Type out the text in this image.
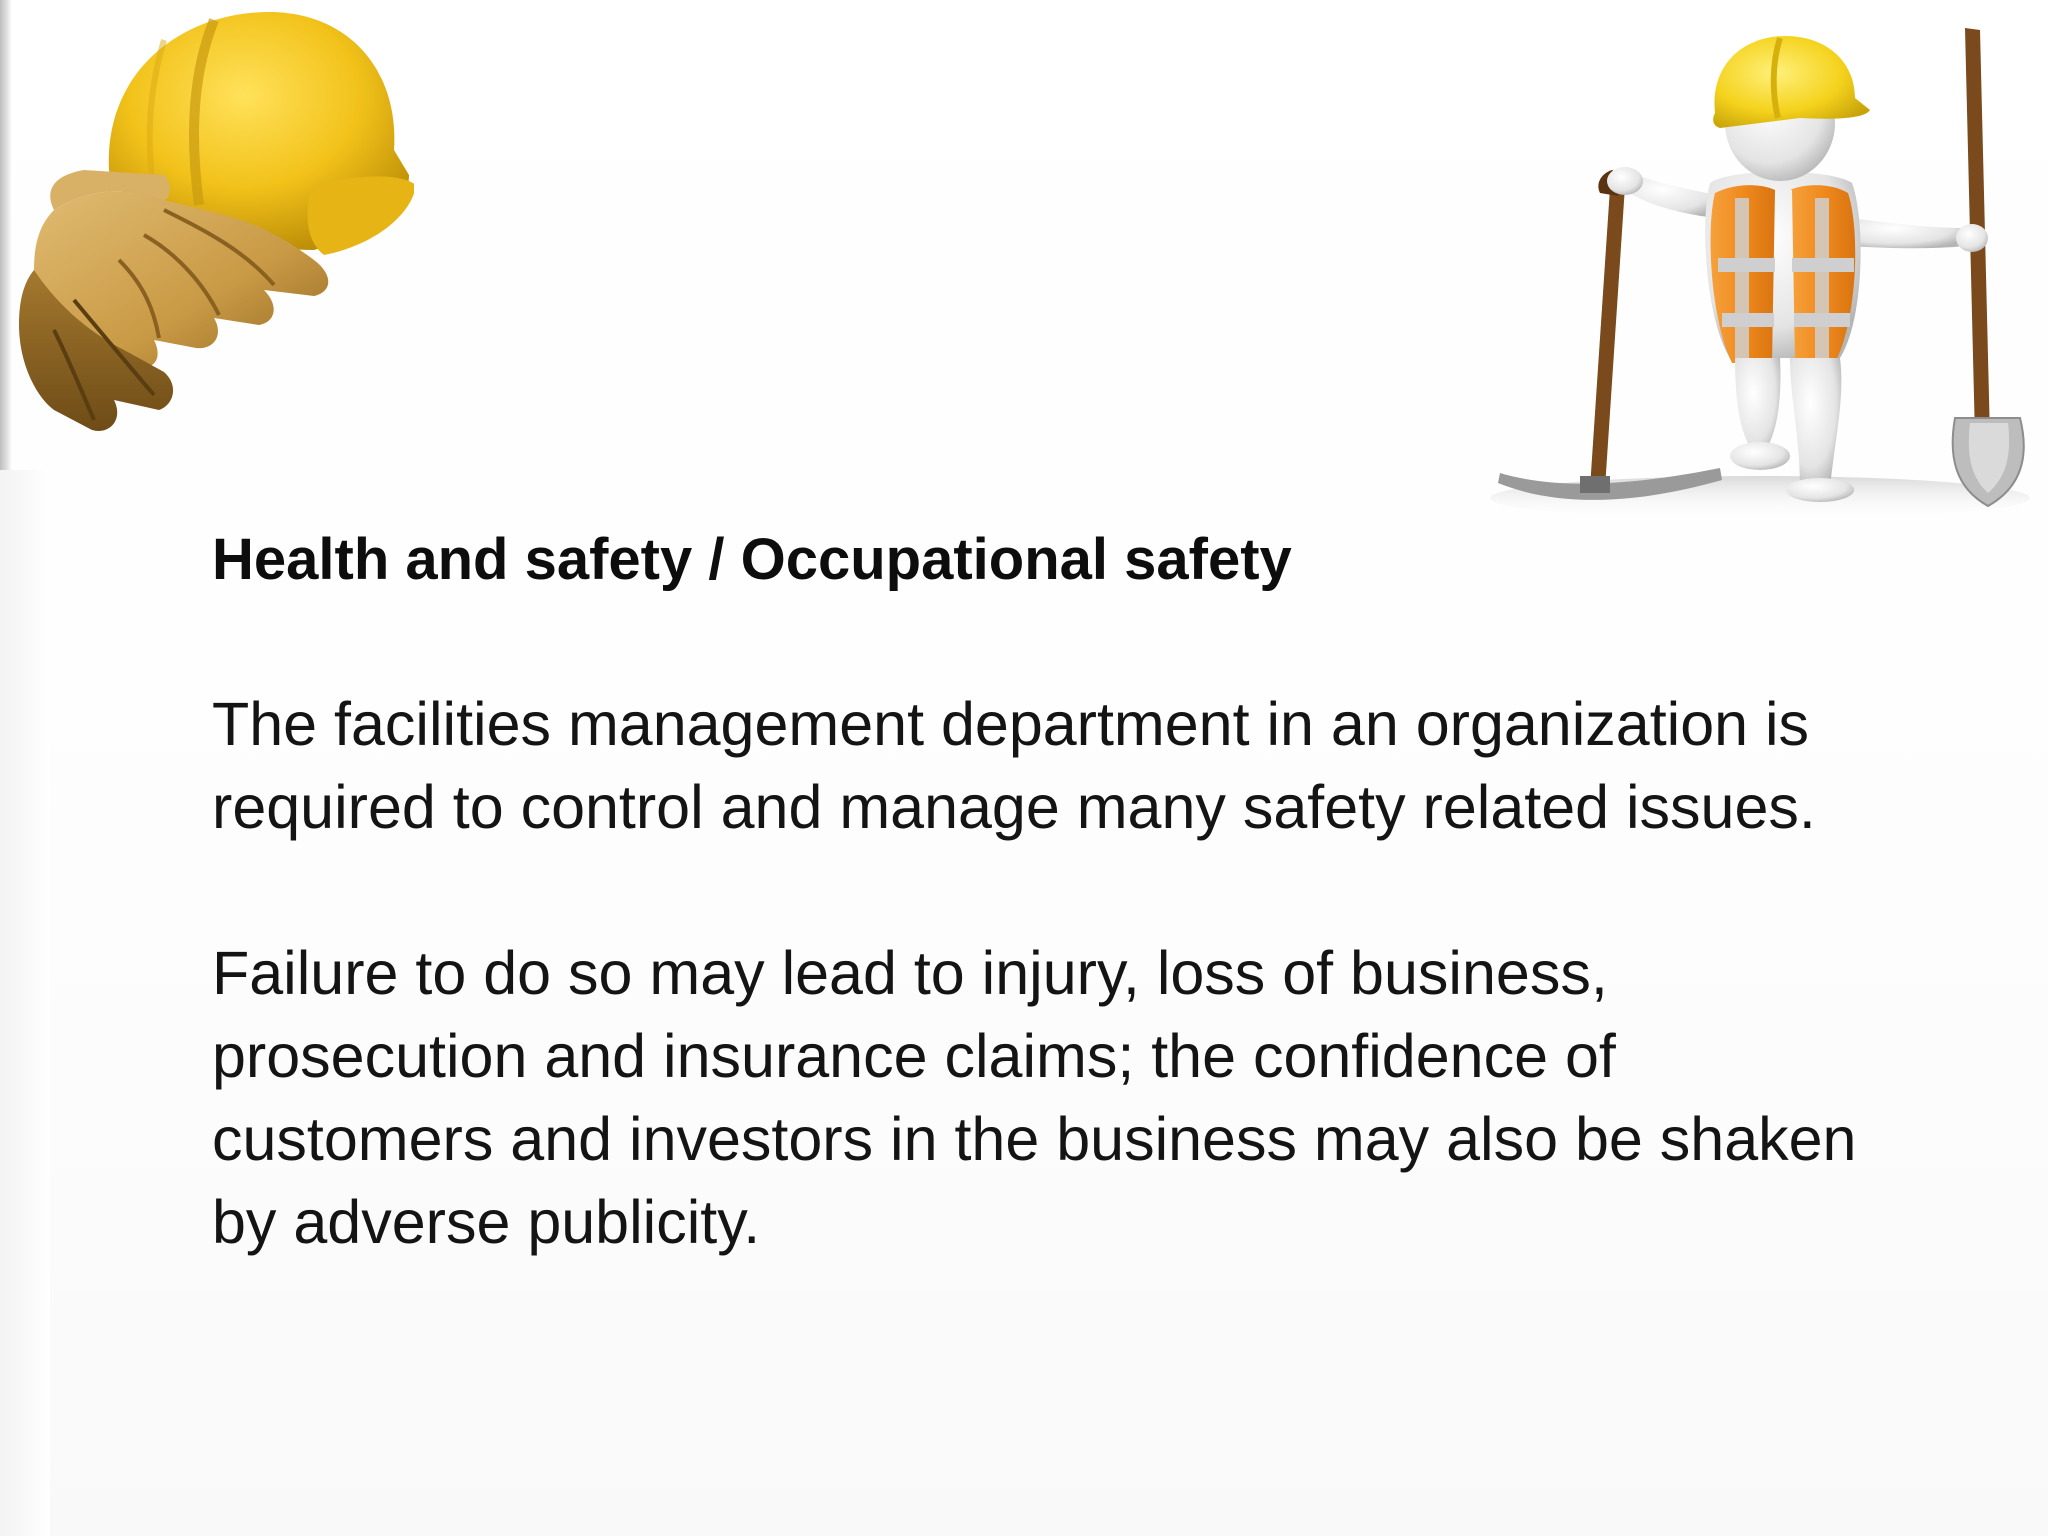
Health and safety / Occupational safety

The facilities management department in an organization is
required to control and manage many safety related issues.
Failure to do so may lead to injury, loss of business,
prosecution and insurance claims; the confidence of
customers and investors in the business may also be shaken
by adverse publicity.
